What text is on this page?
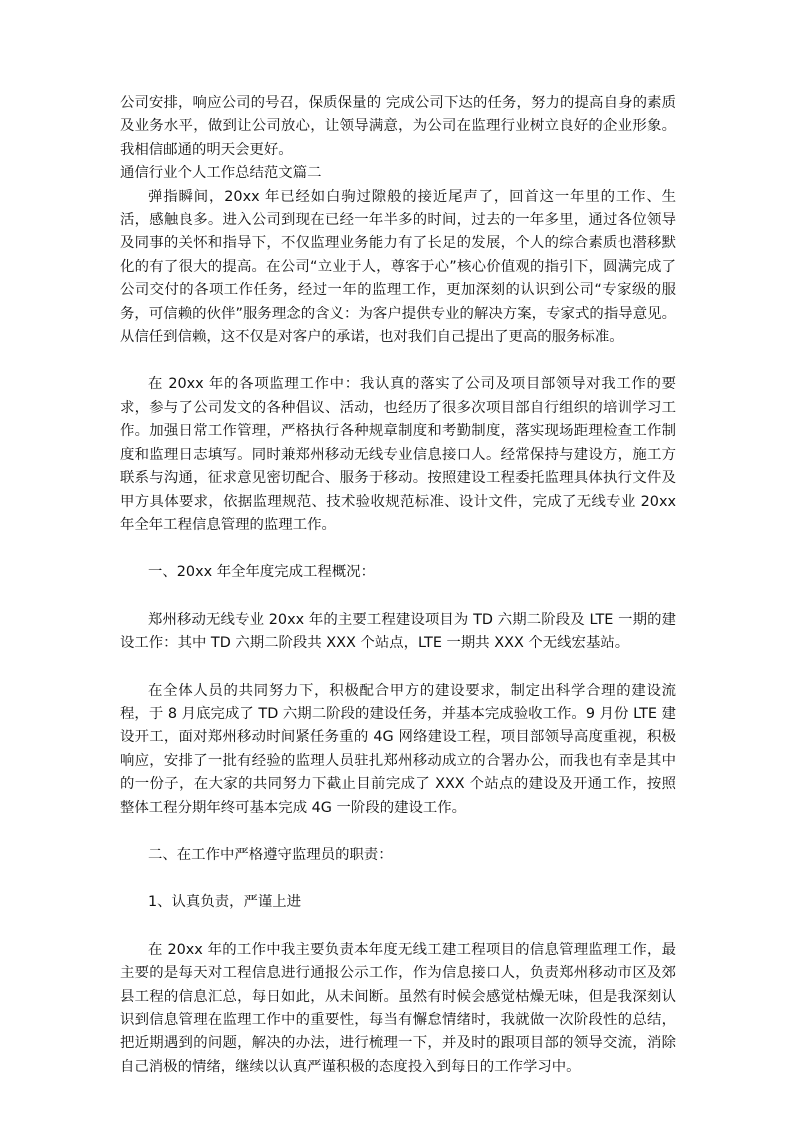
公司安排，响应公司的号召，保质保量的 完成公司下达的任务，努力的提高自身的素质及业务水平，做到让公司放心，让领导满意，为公司在监理行业树立良好的企业形象。我相信邮通的明天会更好。

通信行业个人工作总结范文篇二

弹指瞬间，20xx 年已经如白驹过隙般的接近尾声了，回首这一年里的工作、生活，感触良多。进入公司到现在已经一年半多的时间，过去的一年多里，通过各位领导及同事的关怀和指导下，不仅监理业务能力有了长足的发展，个人的综合素质也潜移默化的有了很大的提高。在公司“立业于人，尊客于心”核心价值观的指引下，圆满完成了公司交付的各项工作任务，经过一年的监理工作，更加深刻的认识到公司“专家级的服务，可信赖的伙伴”服务理念的含义：为客户提供专业的解决方案，专家式的指导意见。从信任到信赖，这不仅是对客户的承诺，也对我们自己提出了更高的服务标准。

在 20xx 年的各项监理工作中：我认真的落实了公司及项目部领导对我工作的要求，参与了公司发文的各种倡议、活动，也经历了很多次项目部自行组织的培训学习工作。加强日常工作管理，严格执行各种规章制度和考勤制度，落实现场距理检查工作制度和监理日志填写。同时兼郑州移动无线专业信息接口人。经常保持与建设方，施工方联系与沟通，征求意见密切配合、服务于移动。按照建设工程委托监理具体执行文件及甲方具体要求，依据监理规范、技术验收规范标准、设计文件，完成了无线专业 20xx 年全年工程信息管理的监理工作。

一、20xx 年全年度完成工程概况：

郑州移动无线专业 20xx 年的主要工程建设项目为 TD 六期二阶段及 LTE 一期的建设工作：其中 TD 六期二阶段共 XXX 个站点，LTE 一期共 XXX 个无线宏基站。

在全体人员的共同努力下，积极配合甲方的建设要求，制定出科学合理的建设流程，于 8 月底完成了 TD 六期二阶段的建设任务，并基本完成验收工作。9 月份 LTE 建设开工，面对郑州移动时间紧任务重的 4G 网络建设工程，项目部领导高度重视，积极响应，安排了一批有经验的监理人员驻扎郑州移动成立的合署办公，而我也有幸是其中的一份子，在大家的共同努力下截止目前完成了 XXX 个站点的建设及开通工作，按照整体工程分期年终可基本完成 4G 一阶段的建设工作。

二、在工作中严格遵守监理员的职责：

1、认真负责，严谨上进

在 20xx 年的工作中我主要负责本年度无线工建工程项目的信息管理监理工作，最主要的是每天对工程信息进行通报公示工作，作为信息接口人，负责郑州移动市区及郊县工程的信息汇总，每日如此，从未间断。虽然有时候会感觉枯燥无味，但是我深刻认识到信息管理在监理工作中的重要性，每当有懈怠情绪时，我就做一次阶段性的总结，把近期遇到的问题，解决的办法，进行梳理一下，并及时的跟项目部的领导交流，消除自己消极的情绪，继续以认真严谨积极的态度投入到每日的工作学习中。
